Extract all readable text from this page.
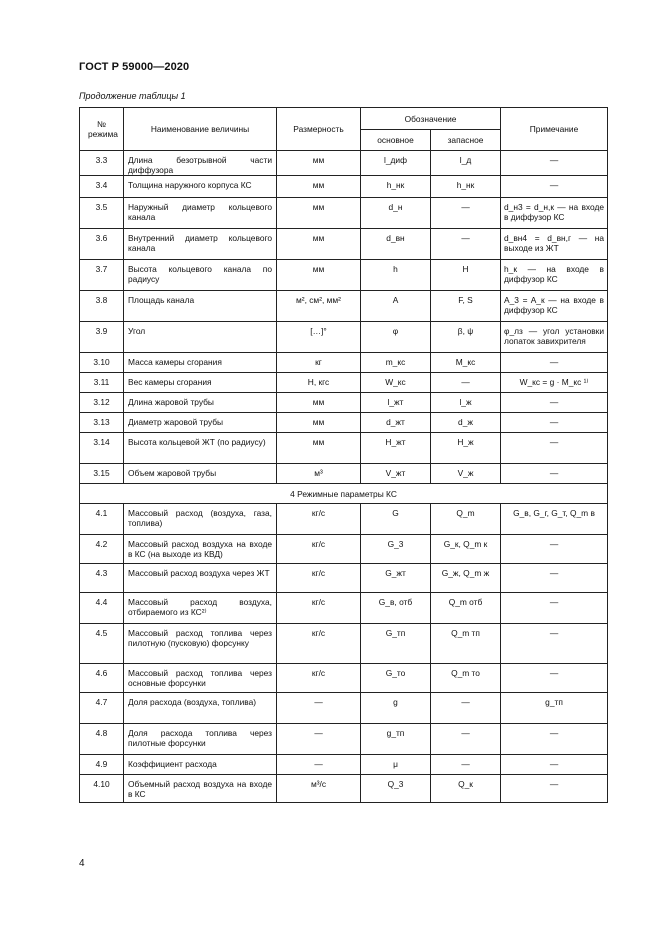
ГОСТ Р 59000—2020
Продолжение таблицы 1
№ режима	Наименование величины	Размерность	Обозначение		Примечание
			основное	запасное	
3.3	Длина безотрывной части диффузора	мм	l_диф	l_д	—
3.4	Толщина наружного корпуса КС	мм	h_нк	h_нк	—
3.5	Наружный диаметр кольцевого канала	мм	d_н	—	d_н3 = d_н,к — на входе в диффузор КС
3.6	Внутренний диаметр кольцевого канала	мм	d_вн	—	d_вн4 = d_вн,г — на выходе из ЖТ
3.7	Высота кольцевого канала по радиусу	мм	h	H	h_к — на входе в диффузор КС
3.8	Площадь канала	м², см², мм²	A	F, S	A_3 = A_к — на входе в диффузор КС
3.9	Угол	[…]°	φ	β, ψ	φ_лз — угол установки лопаток завихрителя
3.10	Масса камеры сгорания	кг	m_кс	M_кс	—
3.11	Вес камеры сгорания	Н, кгс	W_кс	—	W_кс = g · M_кс ¹⁾
3.12	Длина жаровой трубы	мм	l_жт	l_ж	—
3.13	Диаметр жаровой трубы	мм	d_жт	d_ж	—
3.14	Высота кольцевой ЖТ (по радиусу)	мм	H_жт	H_ж	—
3.15	Объем жаровой трубы	м³	V_жт	V_ж	—
4 Режимные параметры КС					
4.1	Массовый расход (воздуха, газа, топлива)	кг/с	G	Q_m	G_в, G_г, G_т, Q_m в
4.2	Массовый расход воздуха на входе в КС (на выходе из КВД)	кг/с	G_3	G_к, Q_m к	—
4.3	Массовый расход воздуха через ЖТ	кг/с	G_жт	G_ж, Q_m ж	—
4.4	Массовый расход воздуха, отбираемого из КС²⁾	кг/с	G_в, отб	Q_m отб	—
4.5	Массовый расход топлива через пилотную (пусковую) форсунку	кг/с	G_тп	Q_m тп	—
4.6	Массовый расход топлива через основные форсунки	кг/с	G_то	Q_m то	—
4.7	Доля расхода (воздуха, топлива)	—	g	—	g_тп
4.8	Доля расхода топлива через пилотные форсунки	—	g_тп	—	—
4.9	Коэффициент расхода	—	μ	—	—
4.10	Объемный расход воздуха на входе в КС	м³/с	Q_3	Q_к	—
4
